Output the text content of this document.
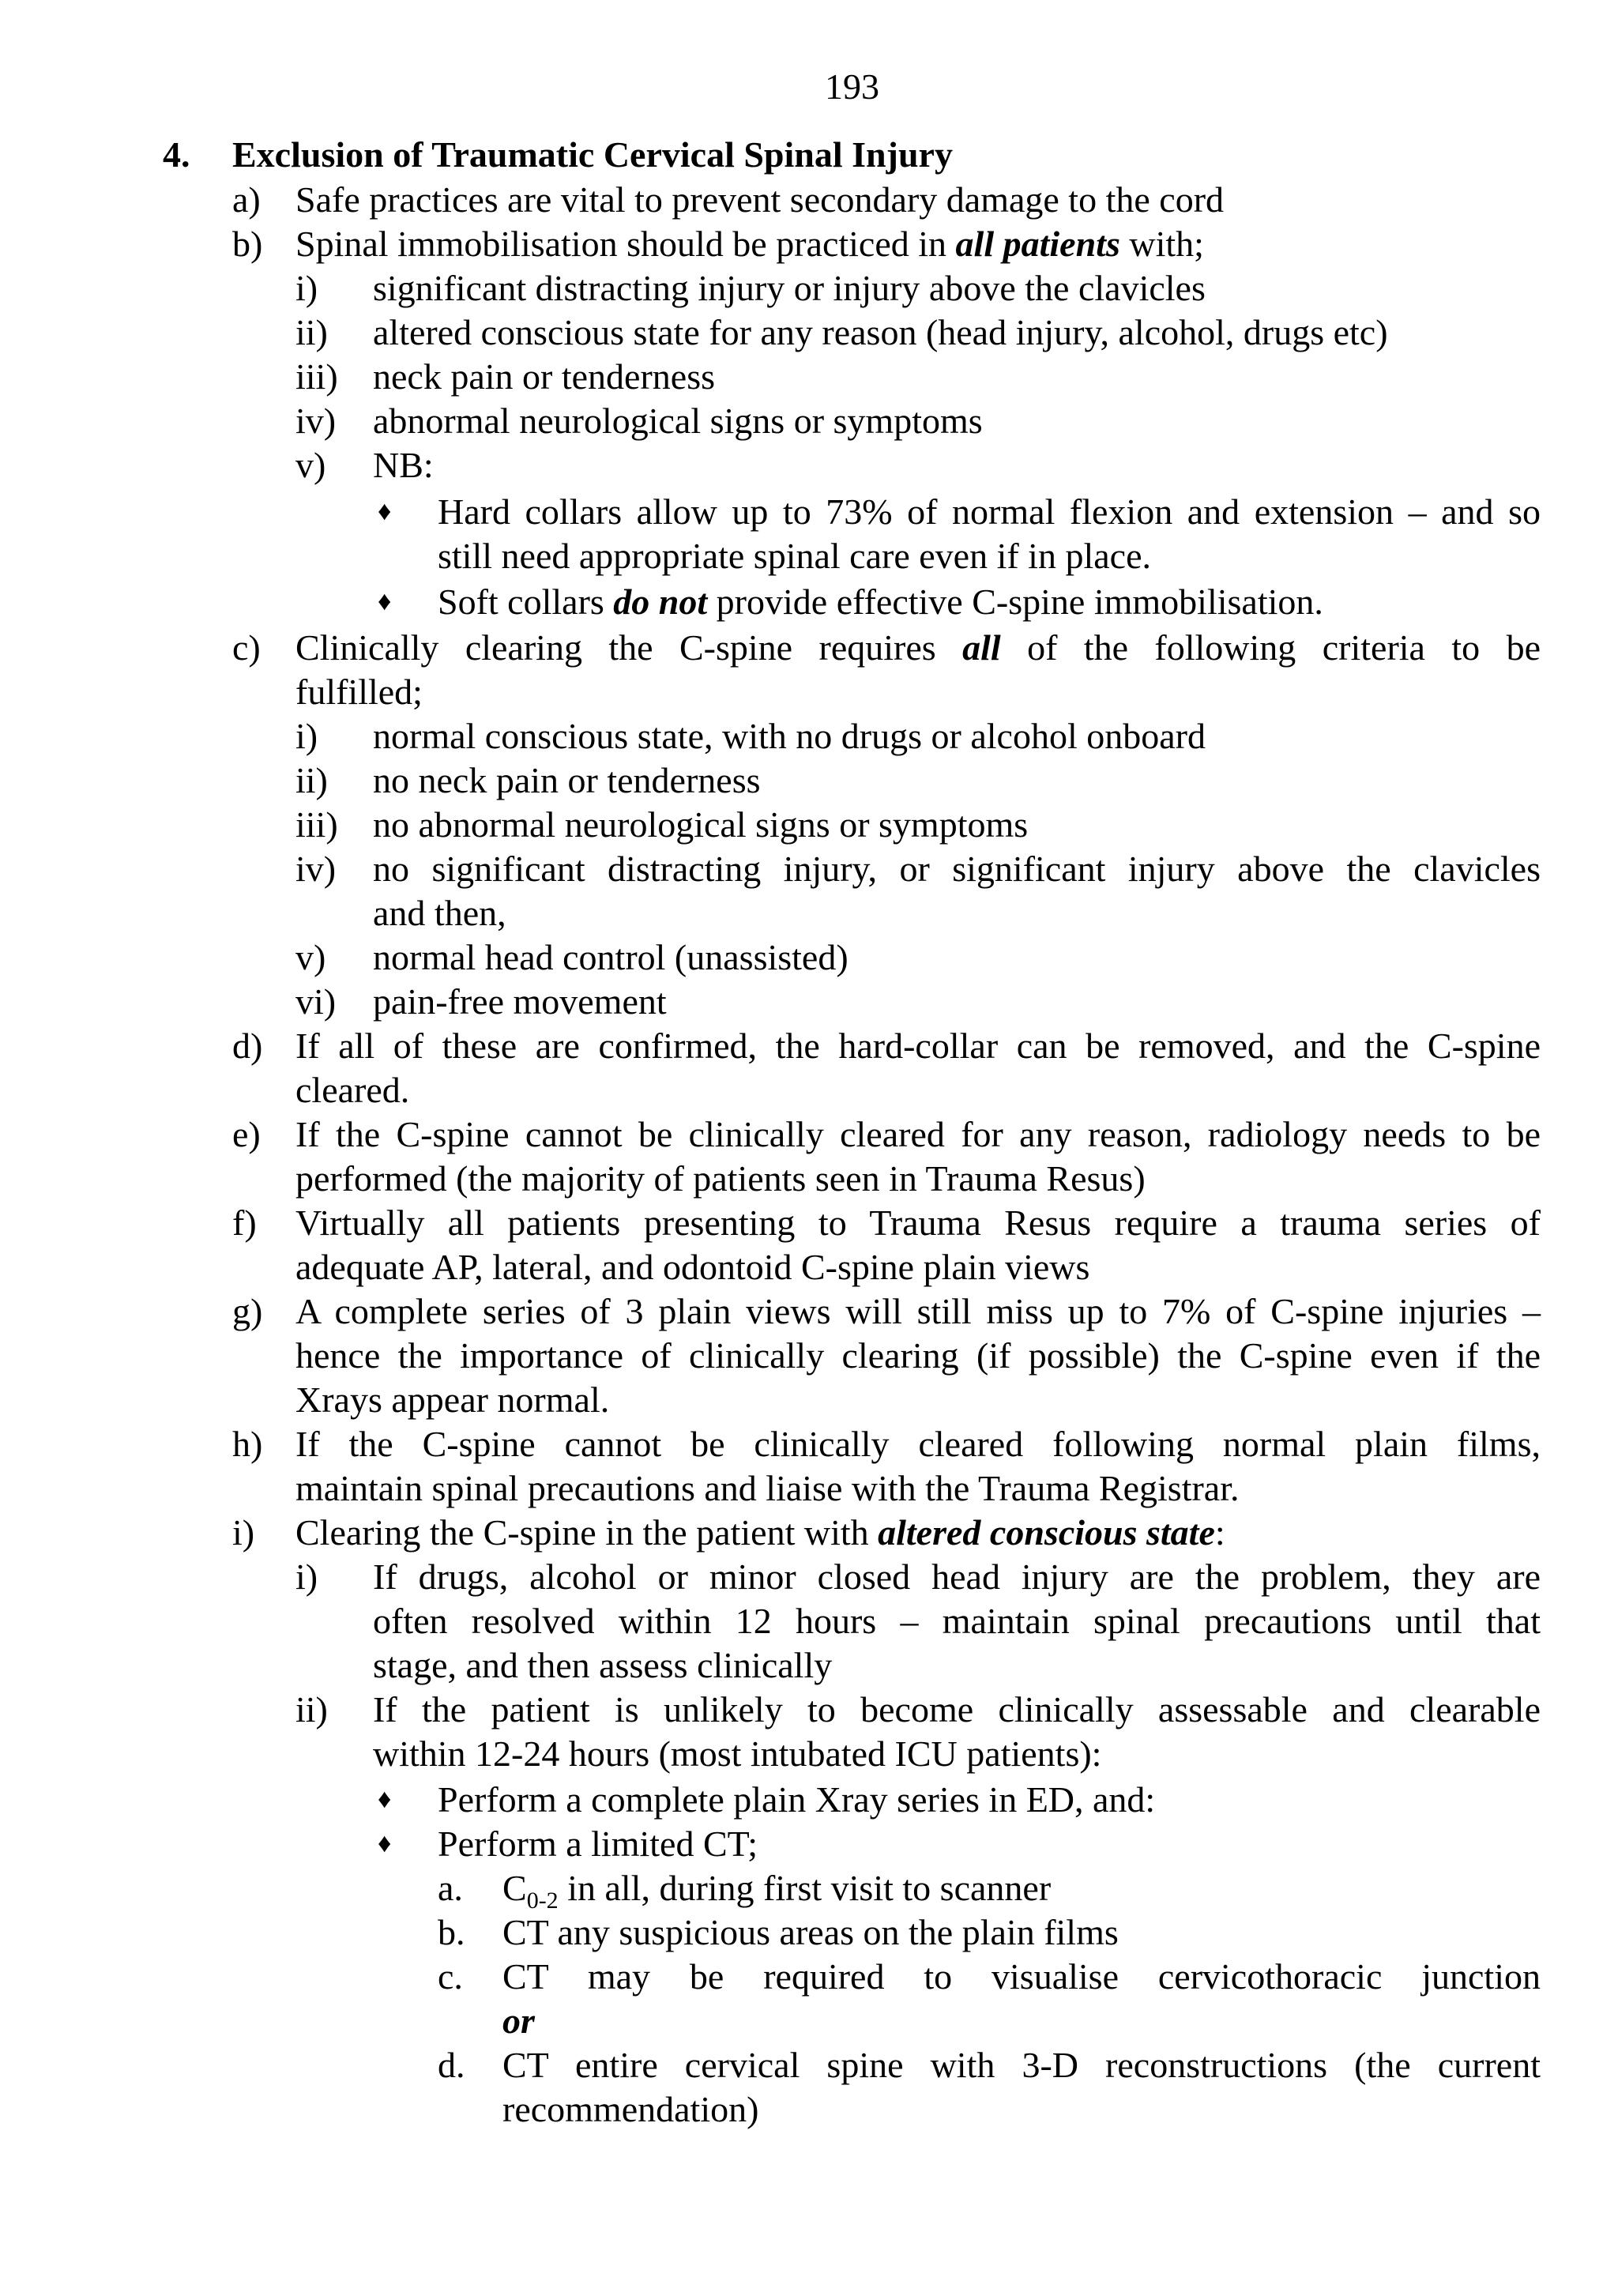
193
4. Exclusion of Traumatic Cervical Spinal Injury
a) Safe practices are vital to prevent secondary damage to the cord
b) Spinal immobilisation should be practiced in all patients with;
i) significant distracting injury or injury above the clavicles
ii) altered conscious state for any reason (head injury, alcohol, drugs etc)
iii) neck pain or tenderness
iv) abnormal neurological signs or symptoms
v) NB:
♦ Hard collars allow up to 73% of normal flexion and extension – and so
still need appropriate spinal care even if in place.
♦ Soft collars do not provide effective C-spine immobilisation.
c) Clinically clearing the C-spine requires all of the following criteria to be
fulfilled;
i) normal conscious state, with no drugs or alcohol onboard
ii) no neck pain or tenderness
iii) no abnormal neurological signs or symptoms
iv) no significant distracting injury, or significant injury above the clavicles
and then,
v) normal head control (unassisted)
vi) pain-free movement
d) If all of these are confirmed, the hard-collar can be removed, and the C-spine
cleared.
e) If the C-spine cannot be clinically cleared for any reason, radiology needs to be
performed (the majority of patients seen in Trauma Resus)
f) Virtually all patients presenting to Trauma Resus require a trauma series of
adequate AP, lateral, and odontoid C-spine plain views
g) A complete series of 3 plain views will still miss up to 7% of C-spine injuries –
hence the importance of clinically clearing (if possible) the C-spine even if the
Xrays appear normal.
h) If the C-spine cannot be clinically cleared following normal plain films,
maintain spinal precautions and liaise with the Trauma Registrar.
i) Clearing the C-spine in the patient with altered conscious state:
i) If drugs, alcohol or minor closed head injury are the problem, they are
often resolved within 12 hours – maintain spinal precautions until that
stage, and then assess clinically
ii) If the patient is unlikely to become clinically assessable and clearable
within 12-24 hours (most intubated ICU patients):
♦ Perform a complete plain Xray series in ED, and:
♦ Perform a limited CT;
a. $C_{0-2}$ in all, during first visit to scanner
b. CT any suspicious areas on the plain films
c. CT may be required to visualise cervicothoracic junction
or
d. CT entire cervical spine with 3-D reconstructions (the current
recommendation)
